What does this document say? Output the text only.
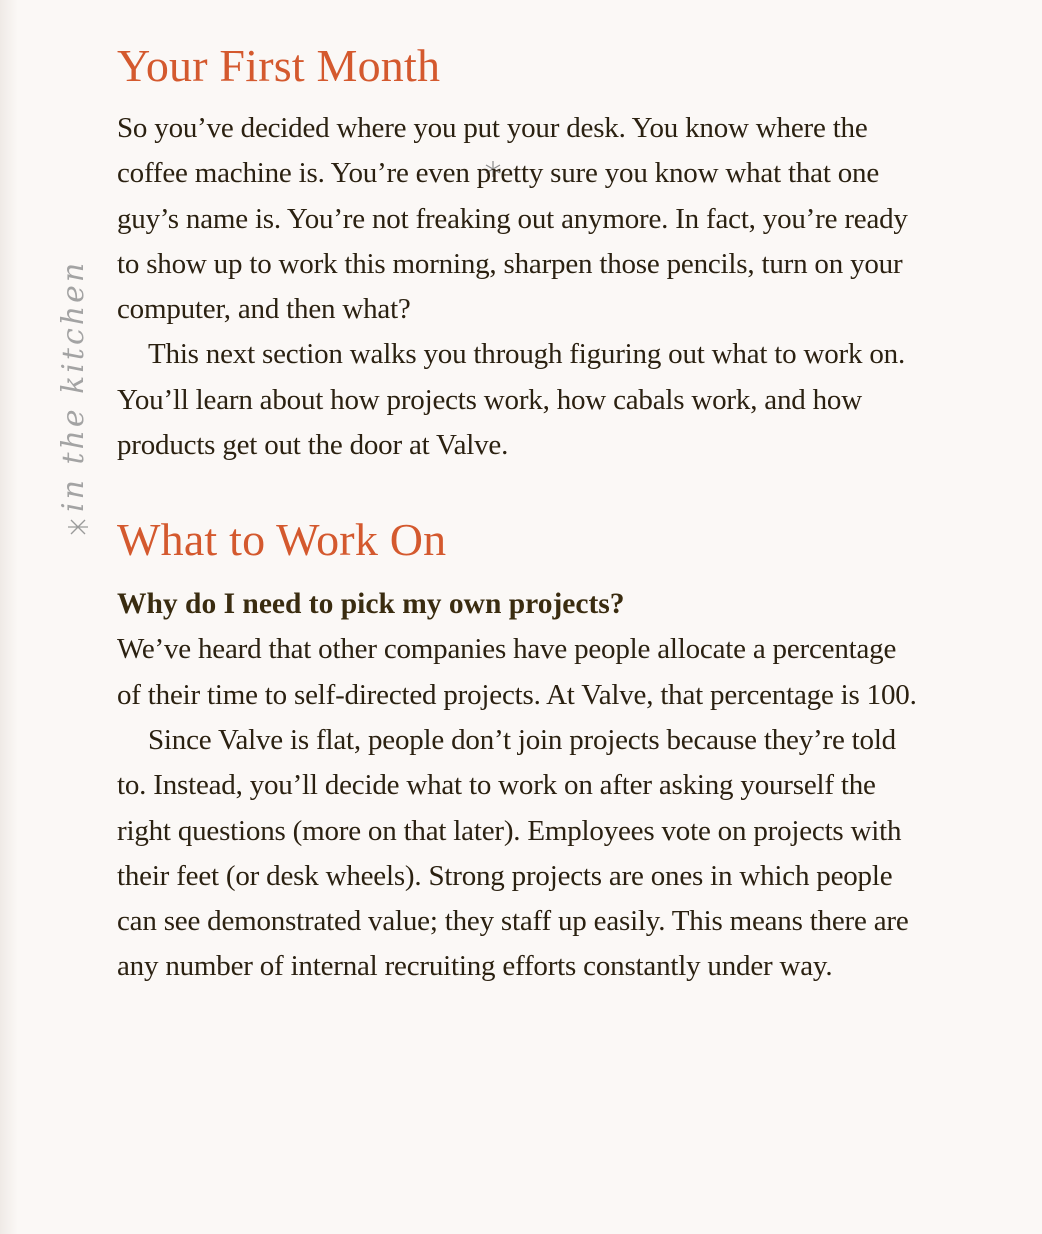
in the kitchen
Your First Month

So you’ve decided where you put your desk. You know where the coffee machine is. You’re even pretty sure you know what that one guy’s name is. You’re not freaking out anymore. In fact, you’re ready to show up to work this morning, sharpen those pencils, turn on your computer, and then what?

This next section walks you through figuring out what to work on. You’ll learn about how projects work, how cabals work, and how products get out the door at Valve.

What to Work On
Why do I need to pick my own projects?

We’ve heard that other companies have people allocate a percentage of their time to self-directed projects. At Valve, that percentage is 100.

Since Valve is flat, people don’t join projects because they’re told to. Instead, you’ll decide what to work on after asking yourself the right questions (more on that later). Employees vote on projects with their feet (or desk wheels). Strong projects are ones in which people can see demonstrated value; they staff up easily. This means there are any number of internal recruiting efforts constantly under way.
